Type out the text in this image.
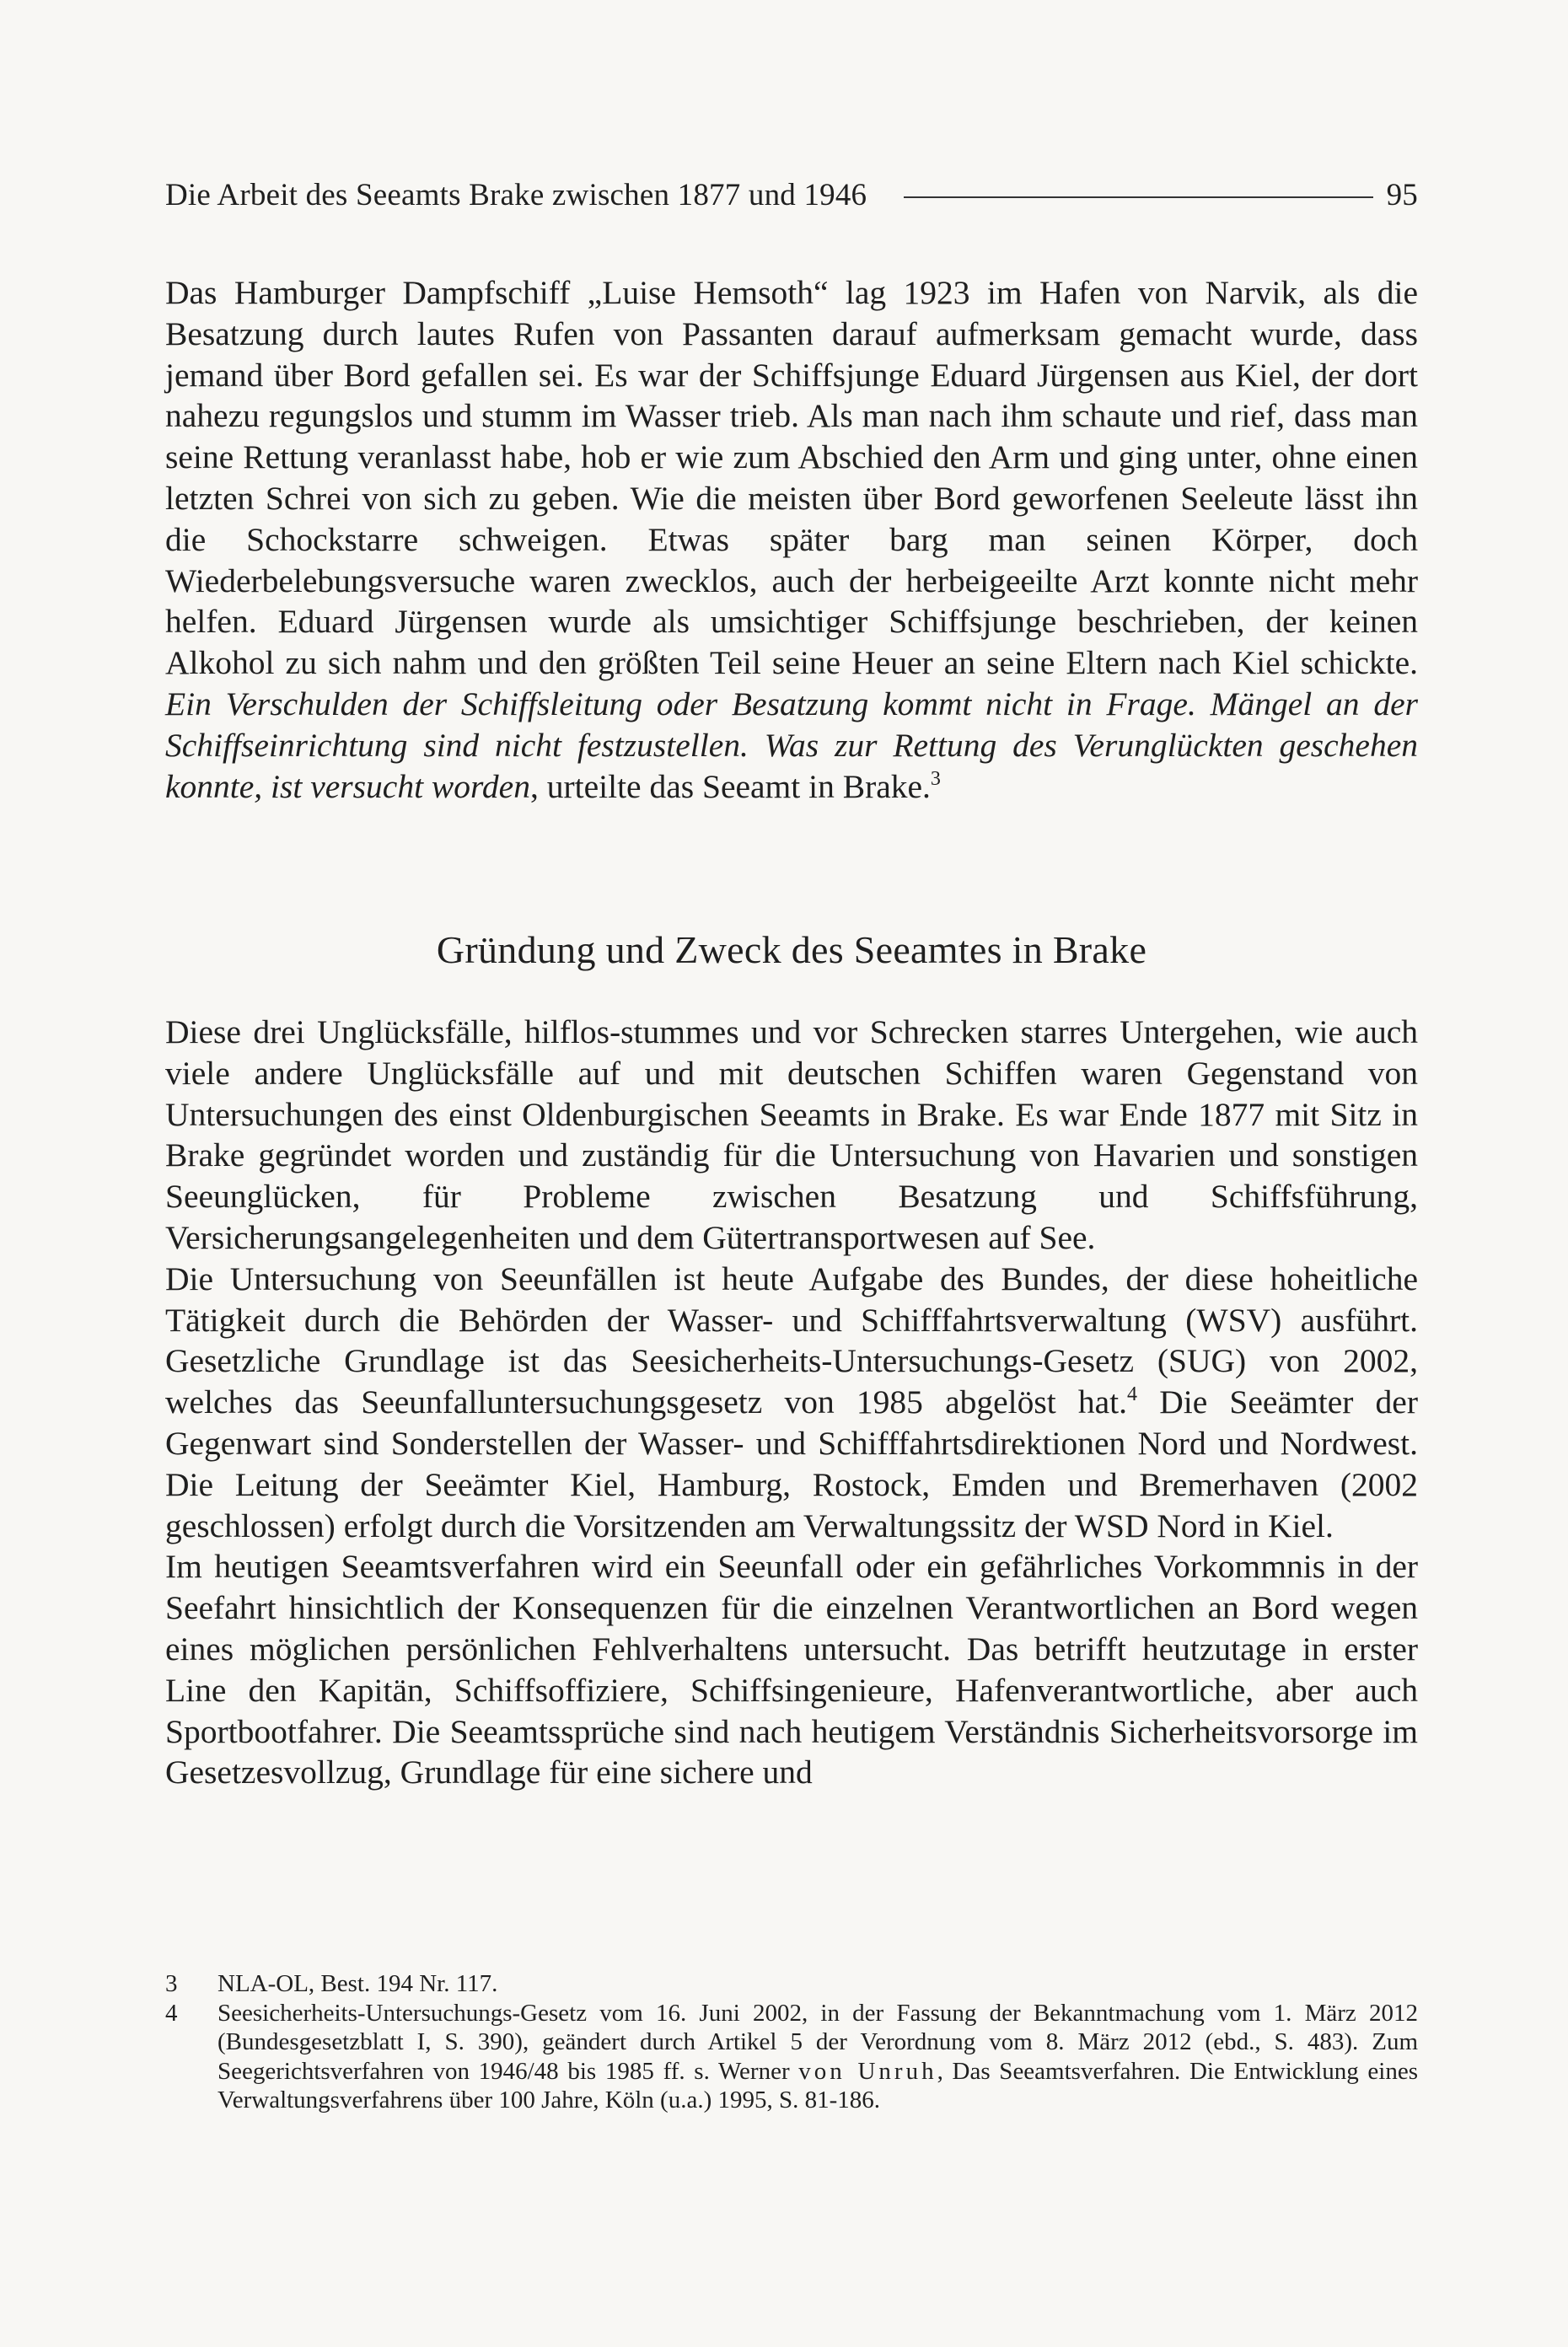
Die Arbeit des Seeamts Brake zwischen 1877 und 1946	95

Das Hamburger Dampfschiff „Luise Hemsoth“ lag 1923 im Hafen von Narvik, als die Besatzung durch lautes Rufen von Passanten darauf aufmerksam gemacht wurde, dass jemand über Bord gefallen sei. Es war der Schiffsjunge Eduard Jürgensen aus Kiel, der dort nahezu regungslos und stumm im Wasser trieb. Als man nach ihm schaute und rief, dass man seine Rettung veranlasst habe, hob er wie zum Abschied den Arm und ging unter, ohne einen letzten Schrei von sich zu geben. Wie die meisten über Bord geworfenen Seeleute lässt ihn die Schockstarre schweigen. Etwas später barg man seinen Körper, doch Wiederbelebungsversuche waren zwecklos, auch der herbeigeeilte Arzt konnte nicht mehr helfen. Eduard Jürgensen wurde als umsichtiger Schiffsjunge beschrieben, der keinen Alkohol zu sich nahm und den größten Teil seine Heuer an seine Eltern nach Kiel schickte. Ein Verschulden der Schiffsleitung oder Besatzung kommt nicht in Frage. Mängel an der Schiffseinrichtung sind nicht festzustellen. Was zur Rettung des Verunglückten geschehen konnte, ist versucht worden, urteilte das Seeamt in Brake.$^3$

Gründung und Zweck des Seeamtes in Brake

Diese drei Unglücksfälle, hilflos-stummes und vor Schrecken starres Untergehen, wie auch viele andere Unglücksfälle auf und mit deutschen Schiffen waren Gegenstand von Untersuchungen des einst Oldenburgischen Seeamts in Brake. Es war Ende 1877 mit Sitz in Brake gegründet worden und zuständig für die Untersuchung von Havarien und sonstigen Seeunglücken, für Probleme zwischen Besatzung und Schiffsführung, Versicherungsangelegenheiten und dem Gütertransportwesen auf See.

Die Untersuchung von Seeunfällen ist heute Aufgabe des Bundes, der diese hoheitliche Tätigkeit durch die Behörden der Wasser- und Schifffahrtsverwaltung (WSV) ausführt. Gesetzliche Grundlage ist das Seesicherheits-Untersuchungs-Gesetz (SUG) von 2002, welches das Seeunfalluntersuchungsgesetz von 1985 abgelöst hat.$^4$ Die Seeämter der Gegenwart sind Sonderstellen der Wasser- und Schifffahrtsdirektionen Nord und Nordwest. Die Leitung der Seeämter Kiel, Hamburg, Rostock, Emden und Bremerhaven (2002 geschlossen) erfolgt durch die Vorsitzenden am Verwaltungssitz der WSD Nord in Kiel.

Im heutigen Seeamtsverfahren wird ein Seeunfall oder ein gefährliches Vorkommnis in der Seefahrt hinsichtlich der Konsequenzen für die einzelnen Verantwortlichen an Bord wegen eines möglichen persönlichen Fehlverhaltens untersucht. Das betrifft heutzutage in erster Line den Kapitän, Schiffsoffiziere, Schiffsingenieure, Hafenverantwortliche, aber auch Sportbootfahrer. Die Seeamtssprüche sind nach heutigem Verständnis Sicherheitsvorsorge im Gesetzesvollzug, Grundlage für eine sichere und

3	NLA-OL, Best. 194 Nr. 117.
4	Seesicherheits-Untersuchungs-Gesetz vom 16. Juni 2002, in der Fassung der Bekanntmachung vom 1. März 2012 (Bundesgesetzblatt I, S. 390), geändert durch Artikel 5 der Verordnung vom 8. März 2012 (ebd., S. 483). Zum Seegerichtsverfahren von 1946/48 bis 1985 ff. s. Werner von Unruh, Das Seeamtsverfahren. Die Entwicklung eines Verwaltungsverfahrens über 100 Jahre, Köln (u.a.) 1995, S. 81-186.
